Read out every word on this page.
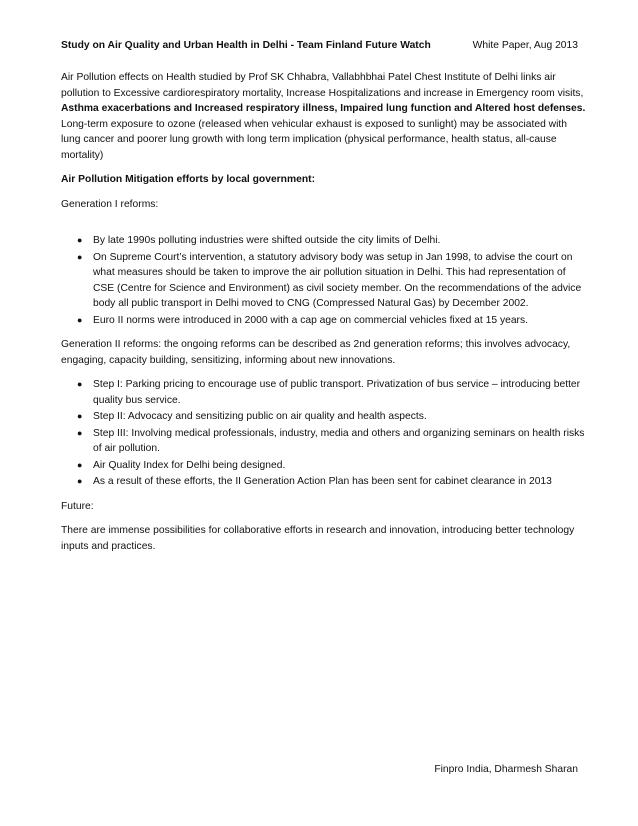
Study on Air Quality and Urban Health in Delhi - Team Finland Future Watch	White Paper, Aug 2013

Air Pollution effects on Health studied by Prof SK Chhabra, Vallabhbhai Patel Chest Institute of Delhi links air pollution to Excessive cardiorespiratory mortality, Increase Hospitalizations and increase in Emergency room visits, Asthma exacerbations and Increased respiratory illness, Impaired lung function and Altered host defenses. Long-term exposure to ozone (released when vehicular exhaust is exposed to sunlight) may be associated with lung cancer and poorer lung growth with long term implication (physical performance, health status, all-cause mortality)

Air Pollution Mitigation efforts by local government:

Generation I reforms:

● By late 1990s polluting industries were shifted outside the city limits of Delhi.
● On Supreme Court’s intervention, a statutory advisory body was setup in Jan 1998, to advise the court on what measures should be taken to improve the air pollution situation in Delhi. This had representation of CSE (Centre for Science and Environment) as civil society member. On the recommendations of the advice body all public transport in Delhi moved to CNG (Compressed Natural Gas) by December 2002.
● Euro II norms were introduced in 2000 with a cap age on commercial vehicles fixed at 15 years.

Generation II reforms: the ongoing reforms can be described as 2nd generation reforms; this involves advocacy, engaging, capacity building, sensitizing, informing about new innovations.

● Step I: Parking pricing to encourage use of public transport. Privatization of bus service – introducing better quality bus service.
● Step II: Advocacy and sensitizing public on air quality and health aspects.
● Step III: Involving medical professionals, industry, media and others and organizing seminars on health risks of air pollution.
● Air Quality Index for Delhi being designed.
● As a result of these efforts, the II Generation Action Plan has been sent for cabinet clearance in 2013

Future:

There are immense possibilities for collaborative efforts in research and innovation, introducing better technology inputs and practices.

Finpro India, Dharmesh Sharan
